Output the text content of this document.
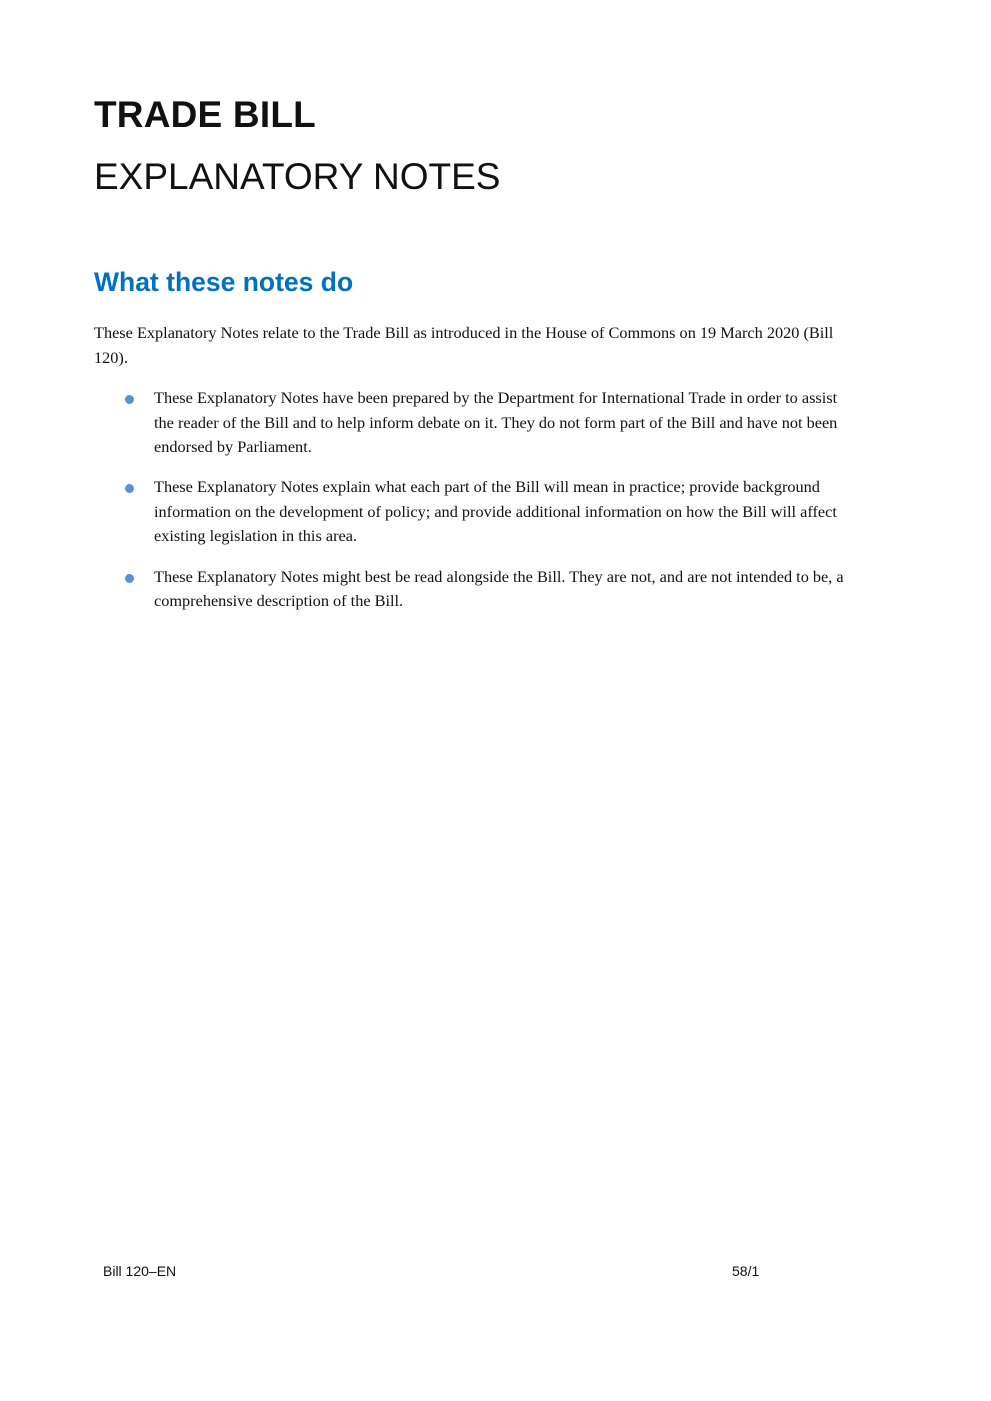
TRADE BILL
EXPLANATORY NOTES
What these notes do

These Explanatory Notes relate to the Trade Bill as introduced in the House of Commons on 19 March 2020 (Bill 120).

These Explanatory Notes have been prepared by the Department for International Trade in order to assist the reader of the Bill and to help inform debate on it. They do not form part of the Bill and have not been endorsed by Parliament.
These Explanatory Notes explain what each part of the Bill will mean in practice; provide background information on the development of policy; and provide additional information on how the Bill will affect existing legislation in this area.
These Explanatory Notes might best be read alongside the Bill. They are not, and are not intended to be, a comprehensive description of the Bill.
Bill 120–EN	58/1
